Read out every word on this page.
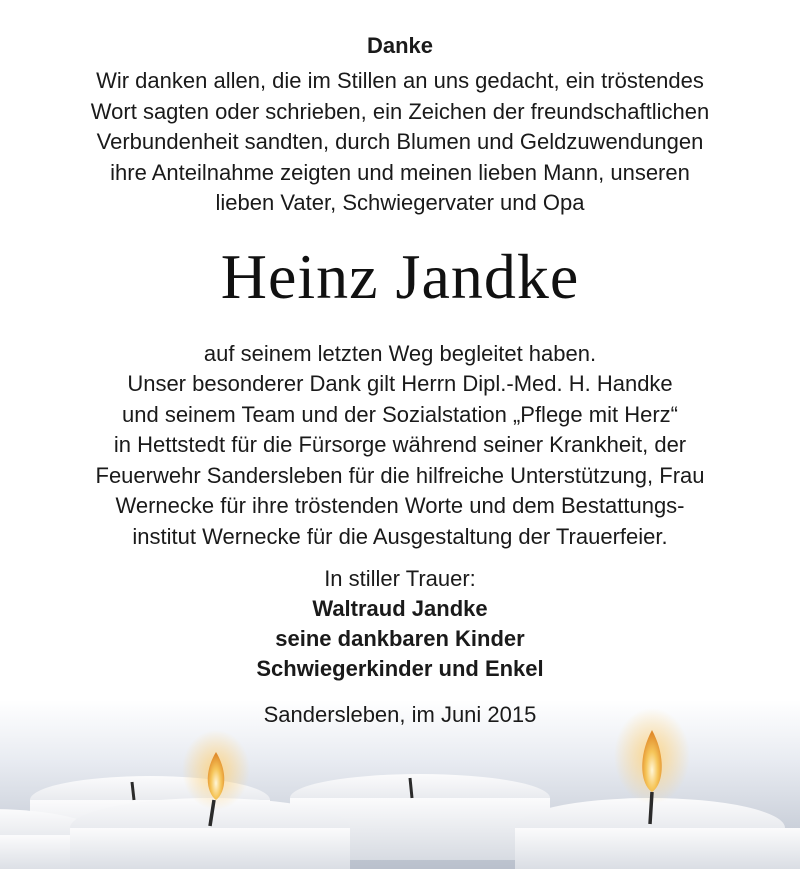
Danke
Wir danken allen, die im Stillen an uns gedacht, ein tröstendes
Wort sagten oder schrieben, ein Zeichen der freundschaftlichen
Verbundenheit sandten, durch Blumen und Geldzuwendungen
ihre Anteilnahme zeigten und meinen lieben Mann, unseren
lieben Vater, Schwiegervater und Opa
Heinz Jandke
auf seinem letzten Weg begleitet haben.
Unser besonderer Dank gilt Herrn Dipl.-Med. H. Handke
und seinem Team und der Sozialstation „Pflege mit Herz“
in Hettstedt für die Fürsorge während seiner Krankheit, der
Feuerwehr Sandersleben für die hilfreiche Unterstützung, Frau
Wernecke für ihre tröstenden Worte und dem Bestattungs-
institut Wernecke für die Ausgestaltung der Trauerfeier.
In stiller Trauer:
Waltraud Jandke
seine dankbaren Kinder
Schwiegerkinder und Enkel
Sandersleben, im Juni 2015
